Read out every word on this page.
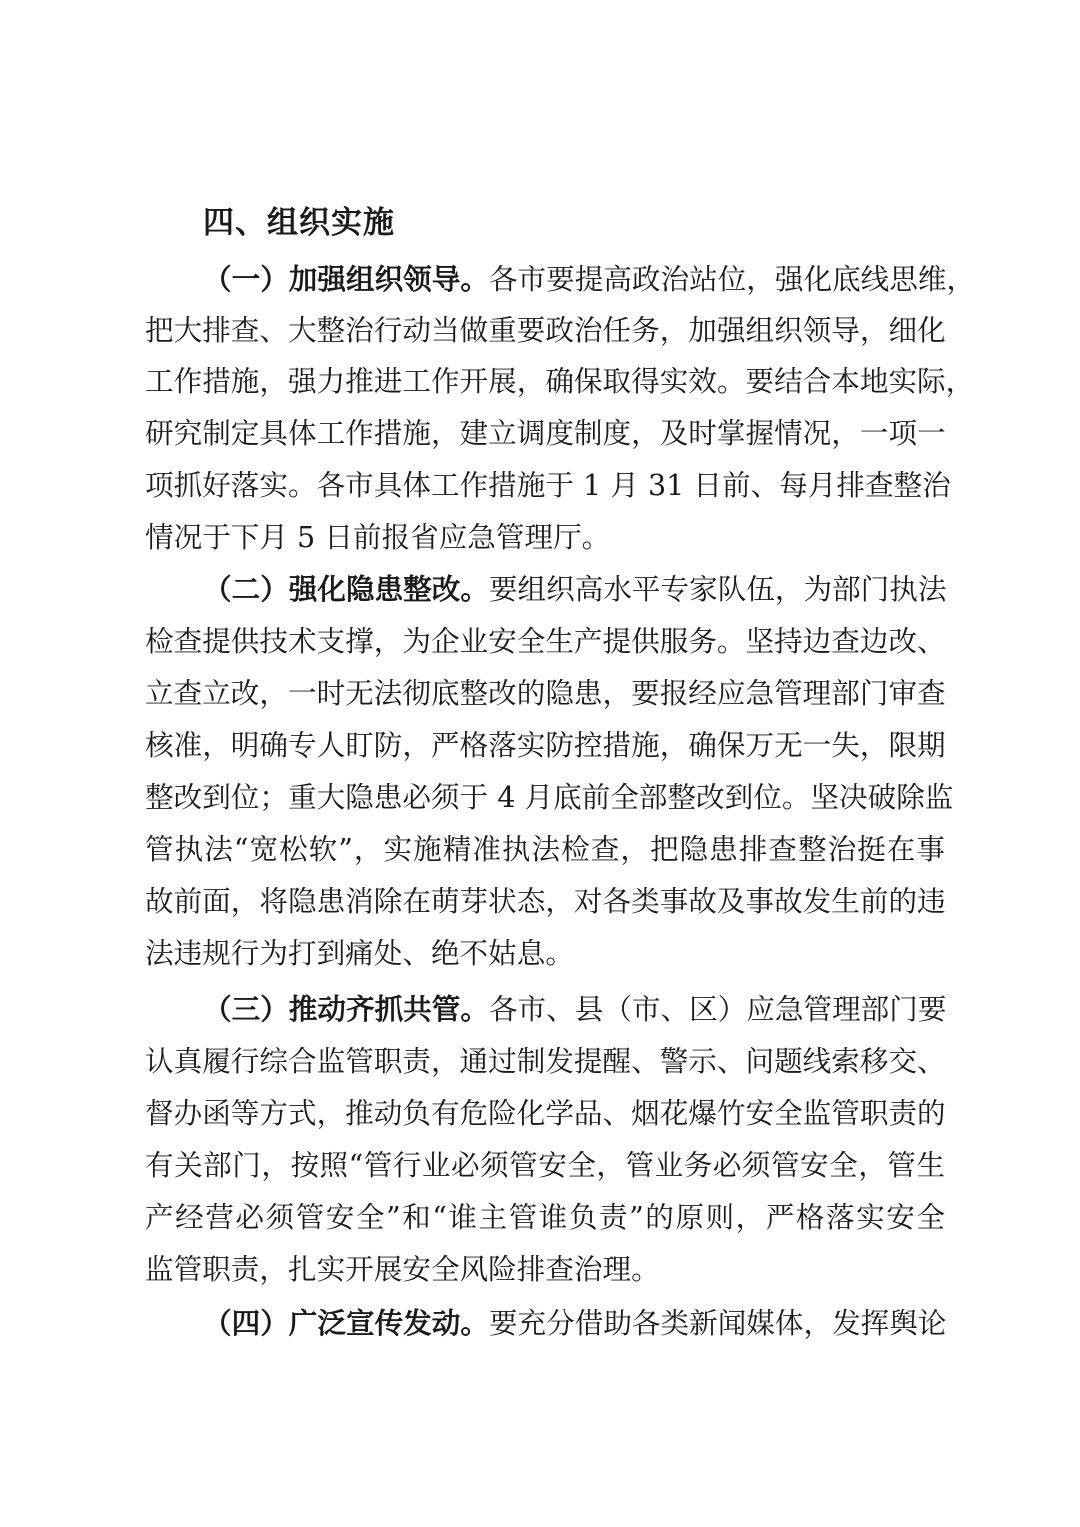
四、组织实施
（一）加强组织领导。各市要提高政治站位，强化底线思维，
把大排查、大整治行动当做重要政治任务，加强组织领导，细化
工作措施，强力推进工作开展，确保取得实效。要结合本地实际，
研究制定具体工作措施，建立调度制度，及时掌握情况，一项一
项抓好落实。各市具体工作措施于 1 月 31 日前、每月排查整治
情况于下月 5 日前报省应急管理厅。
（二）强化隐患整改。要组织高水平专家队伍，为部门执法
检查提供技术支撑，为企业安全生产提供服务。坚持边查边改、
立查立改，一时无法彻底整改的隐患，要报经应急管理部门审查
核准，明确专人盯防，严格落实防控措施，确保万无一失，限期
整改到位；重大隐患必须于 4 月底前全部整改到位。坚决破除监
管执法“宽松软”，实施精准执法检查，把隐患排查整治挺在事
故前面，将隐患消除在萌芽状态，对各类事故及事故发生前的违
法违规行为打到痛处、绝不姑息。
（三）推动齐抓共管。各市、县（市、区）应急管理部门要
认真履行综合监管职责，通过制发提醒、警示、问题线索移交、
督办函等方式，推动负有危险化学品、烟花爆竹安全监管职责的
有关部门，按照“管行业必须管安全，管业务必须管安全，管生
产经营必须管安全”和“谁主管谁负责”的原则，严格落实安全
监管职责，扎实开展安全风险排查治理。
（四）广泛宣传发动。要充分借助各类新闻媒体，发挥舆论
